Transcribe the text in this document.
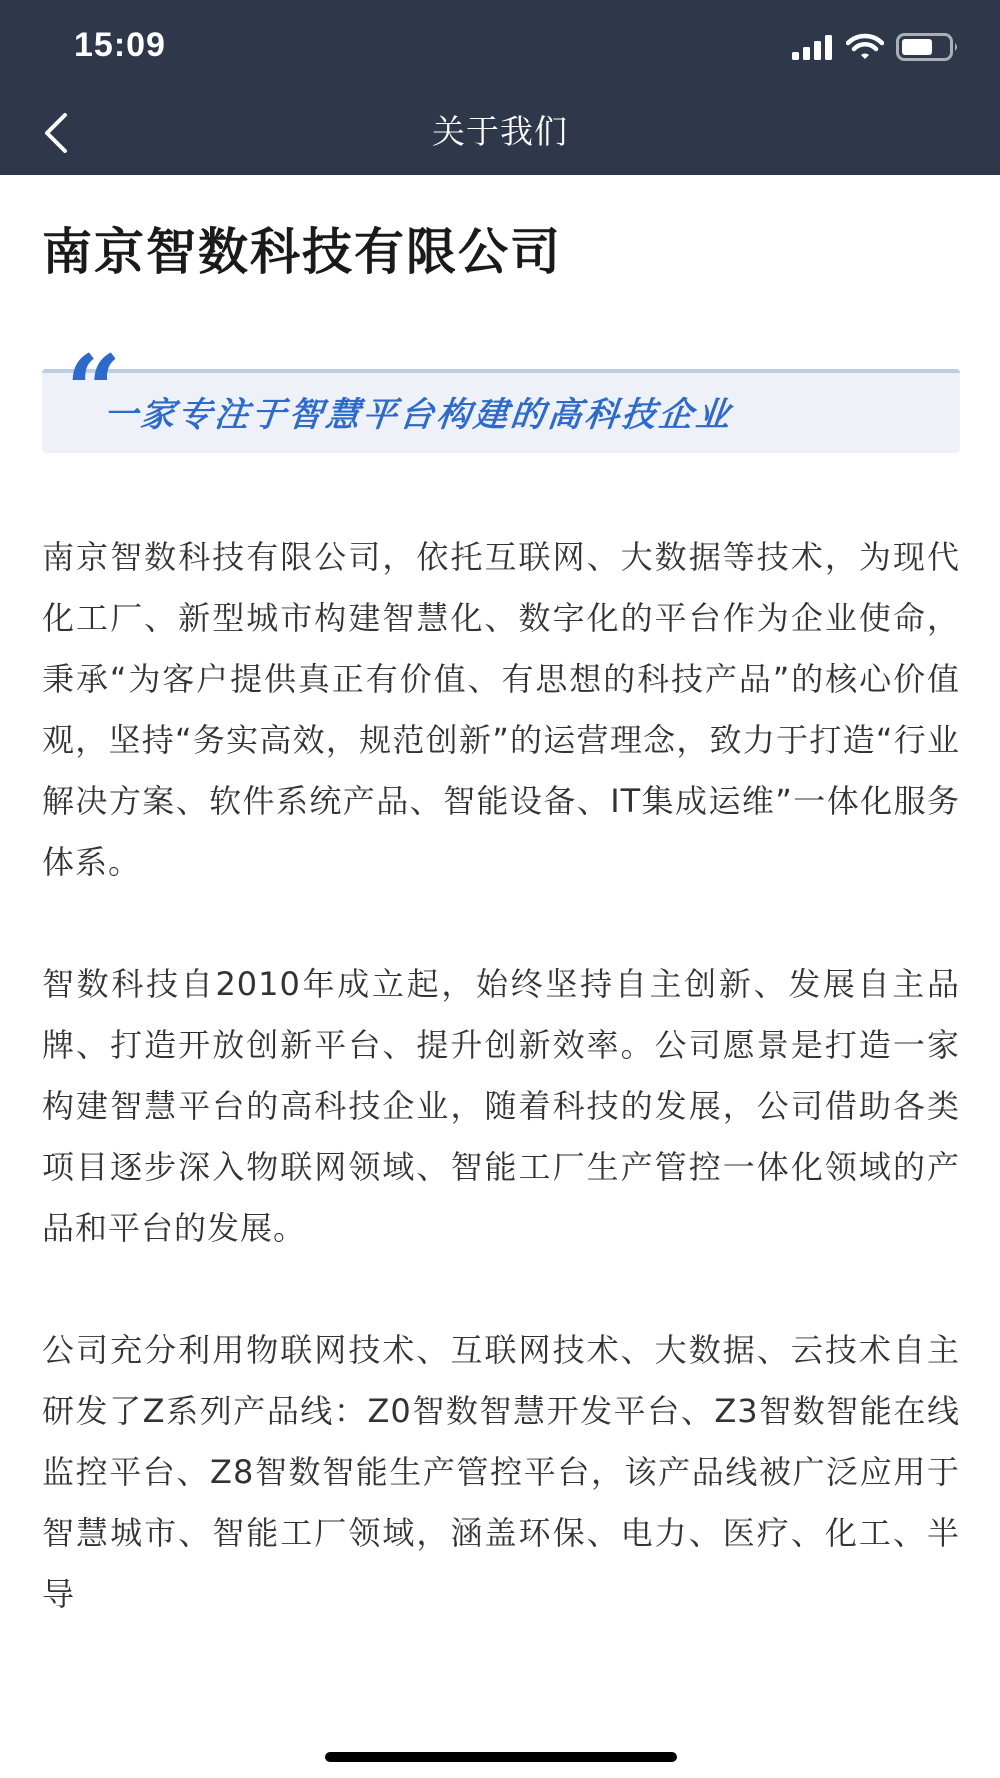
15:09
关于我们
南京智数科技有限公司
“
一家专注于智慧平台构建的高科技企业

南京智数科技有限公司，依托互联网、大数据等技术，为现代化工厂、新型城市构建智慧化、数字化的平台作为企业使命，秉承“为客户提供真正有价值、有思想的科技产品”的核心价值观，坚持“务实高效，规范创新”的运营理念，致力于打造“行业解决方案、软件系统产品、智能设备、IT集成运维”一体化服务体系。

智数科技自2010年成立起，始终坚持自主创新、发展自主品牌、打造开放创新平台、提升创新效率。公司愿景是打造一家构建智慧平台的高科技企业，随着科技的发展，公司借助各类项目逐步深入物联网领域、智能工厂生产管控一体化领域的产品和平台的发展。

公司充分利用物联网技术、互联网技术、大数据、云技术自主研发了Z系列产品线：Z0智数智慧开发平台、Z3智数智能在线监控平台、Z8智数智能生产管控平台，该产品线被广泛应用于智慧城市、智能工厂领域，涵盖环保、电力、医疗、化工、半导
